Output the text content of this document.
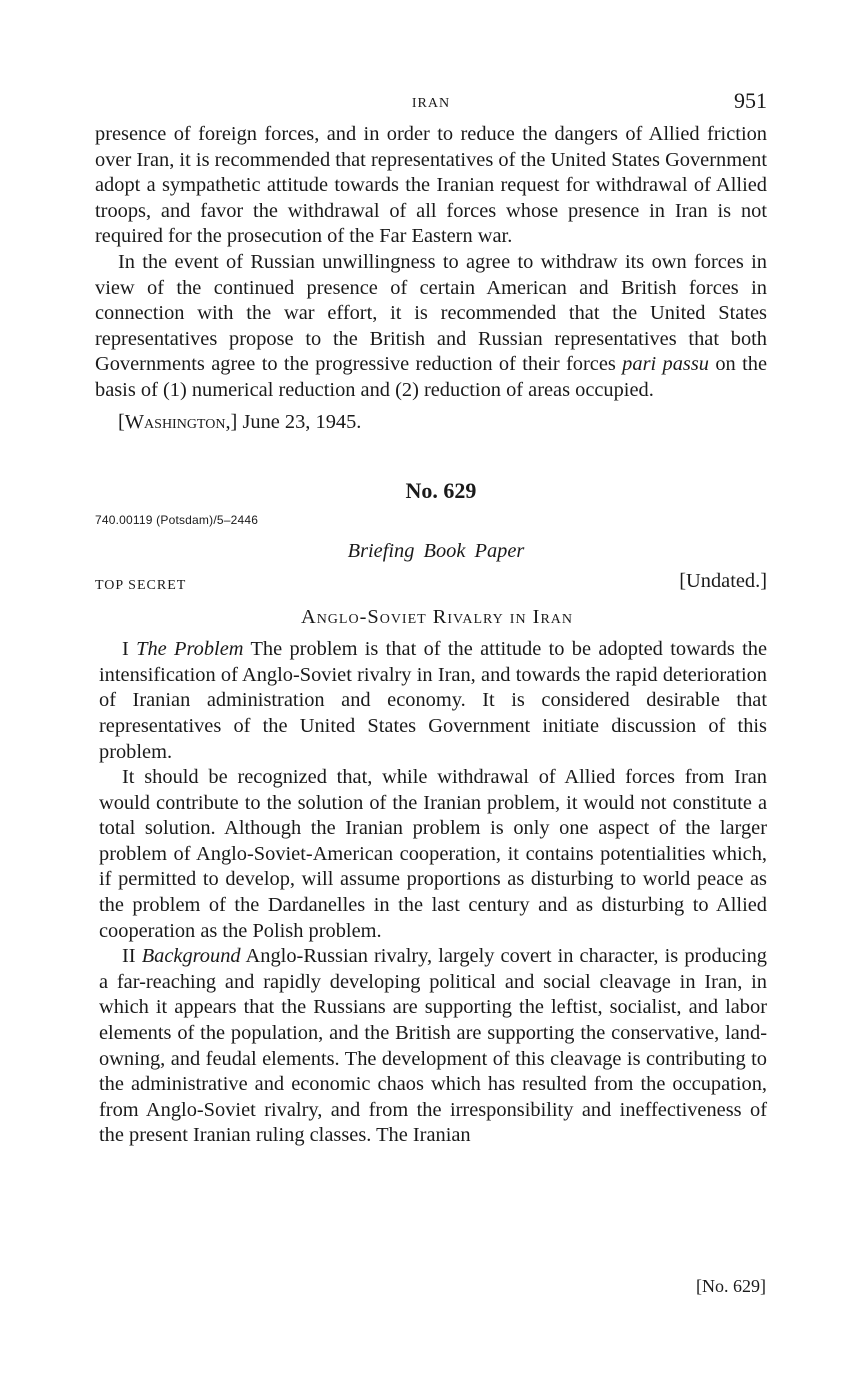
IRAN	951

presence of foreign forces, and in order to reduce the dangers of Allied friction over Iran, it is recommended that representatives of the United States Government adopt a sympathetic attitude towards the Iranian request for withdrawal of Allied troops, and favor the withdrawal of all forces whose presence in Iran is not required for the prosecution of the Far Eastern war.

In the event of Russian unwillingness to agree to withdraw its own forces in view of the continued presence of certain American and British forces in connection with the war effort, it is recommended that the United States representatives propose to the British and Russian representatives that both Governments agree to the progressive reduction of their forces pari passu on the basis of (1) numerical reduction and (2) reduction of areas occupied.

[Washington,] June 23, 1945.
No. 629
740.00119 (Potsdam)/5–2446
Briefing Book Paper
TOP SECRET	[Undated.]
Anglo-Soviet Rivalry in Iran

I The Problem The problem is that of the attitude to be adopted towards the intensification of Anglo-Soviet rivalry in Iran, and towards the rapid deterioration of Iranian administration and economy. It is considered desirable that representatives of the United States Government initiate discussion of this problem.

It should be recognized that, while withdrawal of Allied forces from Iran would contribute to the solution of the Iranian problem, it would not constitute a total solution. Although the Iranian problem is only one aspect of the larger problem of Anglo-Soviet-American cooperation, it contains potentialities which, if permitted to develop, will assume proportions as disturbing to world peace as the problem of the Dardanelles in the last century and as disturbing to Allied cooperation as the Polish problem.

II Background Anglo-Russian rivalry, largely covert in character, is producing a far-reaching and rapidly developing political and social cleavage in Iran, in which it appears that the Russians are supporting the leftist, socialist, and labor elements of the population, and the British are supporting the conservative, land-owning, and feudal elements. The development of this cleavage is contributing to the administrative and economic chaos which has resulted from the occupation, from Anglo-Soviet rivalry, and from the irresponsibility and ineffectiveness of the present Iranian ruling classes. The Iranian

[No. 629]
